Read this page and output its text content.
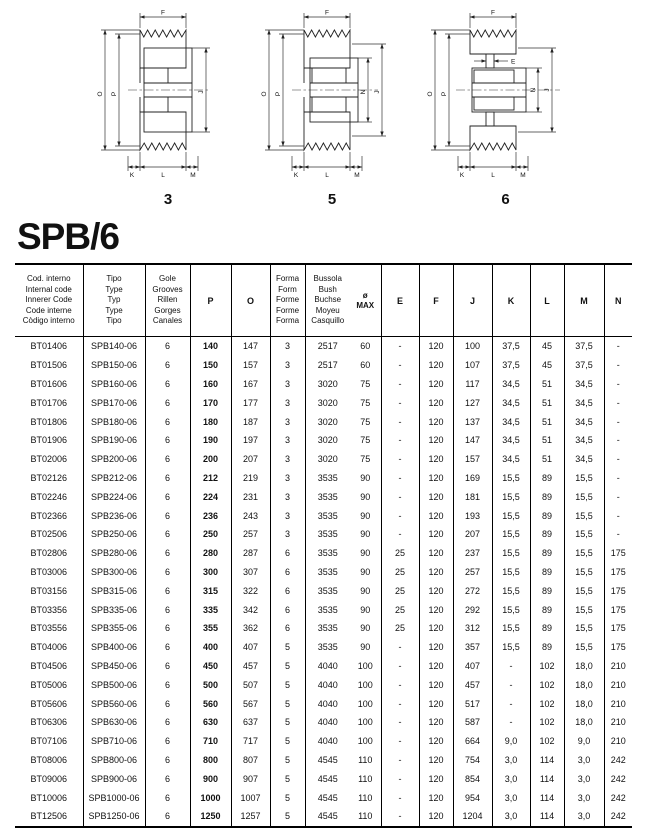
F
O P	J
K	L	M
3
F
O P	N J
K	L	M
5
F
E
O P
N J
K	L	M
6
SPB/6
Cod. interno
Internal code
Innerer Code
Code interne
Còdigo interno	Tipo
Type
Typ
Type
Tipo	Gole
Grooves
Rillen
Gorges
Canales	P	O	Forma
Form
Forme
Forme
Forma	Bussola
Bush
Buchse
Moyeu
Casquillo	ø
MAX	E	F	J	K	L	M	N
BT01406	SPB140-06	6	140	147	3	2517	60	-	120	100	37,5	45	37,5	-
BT01506	SPB150-06	6	150	157	3	2517	60	-	120	107	37,5	45	37,5	-
BT01606	SPB160-06	6	160	167	3	3020	75	-	120	117	34,5	51	34,5	-
BT01706	SPB170-06	6	170	177	3	3020	75	-	120	127	34,5	51	34,5	-
BT01806	SPB180-06	6	180	187	3	3020	75	-	120	137	34,5	51	34,5	-
BT01906	SPB190-06	6	190	197	3	3020	75	-	120	147	34,5	51	34,5	-
BT02006	SPB200-06	6	200	207	3	3020	75	-	120	157	34,5	51	34,5	-
BT02126	SPB212-06	6	212	219	3	3535	90	-	120	169	15,5	89	15,5	-
BT02246	SPB224-06	6	224	231	3	3535	90	-	120	181	15,5	89	15,5	-
BT02366	SPB236-06	6	236	243	3	3535	90	-	120	193	15,5	89	15,5	-
BT02506	SPB250-06	6	250	257	3	3535	90	-	120	207	15,5	89	15,5	-
BT02806	SPB280-06	6	280	287	6	3535	90	25	120	237	15,5	89	15,5	175
BT03006	SPB300-06	6	300	307	6	3535	90	25	120	257	15,5	89	15,5	175
BT03156	SPB315-06	6	315	322	6	3535	90	25	120	272	15,5	89	15,5	175
BT03356	SPB335-06	6	335	342	6	3535	90	25	120	292	15,5	89	15,5	175
BT03556	SPB355-06	6	355	362	6	3535	90	25	120	312	15,5	89	15,5	175
BT04006	SPB400-06	6	400	407	5	3535	90	-	120	357	15,5	89	15,5	175
BT04506	SPB450-06	6	450	457	5	4040	100	-	120	407	-	102	18,0	210
BT05006	SPB500-06	6	500	507	5	4040	100	-	120	457	-	102	18,0	210
BT05606	SPB560-06	6	560	567	5	4040	100	-	120	517	-	102	18,0	210
BT06306	SPB630-06	6	630	637	5	4040	100	-	120	587	-	102	18,0	210
BT07106	SPB710-06	6	710	717	5	4040	100	-	120	664	9,0	102	9,0	210
BT08006	SPB800-06	6	800	807	5	4545	110	-	120	754	3,0	114	3,0	242
BT09006	SPB900-06	6	900	907	5	4545	110	-	120	854	3,0	114	3,0	242
BT10006	SPB1000-06	6	1000	1007	5	4545	110	-	120	954	3,0	114	3,0	242
BT12506	SPB1250-06	6	1250	1257	5	4545	110	-	120	1204	3,0	114	3,0	242
